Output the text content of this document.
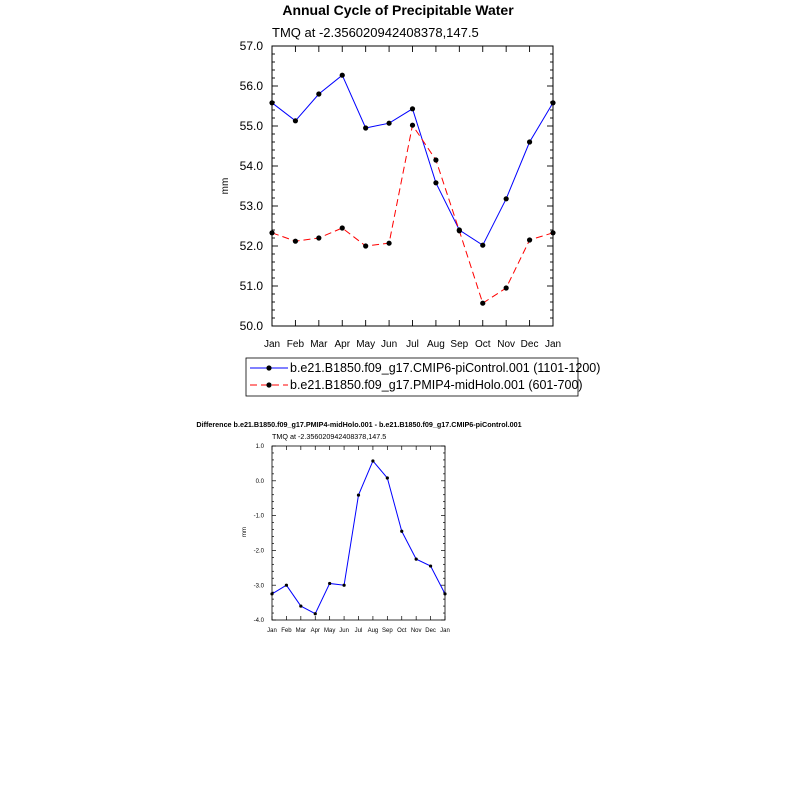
Annual Cycle of Precipitable Water
TMQ at -2.356020942408378,147.5
mm
50.0
51.0
52.0
53.0
54.0
55.0
56.0
57.0
Jan Feb Mar Apr May Jun Jul Aug Sep Oct Nov Dec Jan
b.e21.B1850.f09_g17.CMIP6-piControl.001 (1101-1200)
b.e21.B1850.f09_g17.PMIP4-midHolo.001 (601-700)
Difference b.e21.B1850.f09_g17.PMIP4-midHolo.001 - b.e21.B1850.f09_g17.CMIP6-piControl.001
TMQ at -2.356020942408378,147.5
mm
-4.0
-3.0
-2.0
-1.0
0.0
1.0
Jan Feb Mar Apr May Jun Jul Aug Sep Oct Nov Dec Jan
